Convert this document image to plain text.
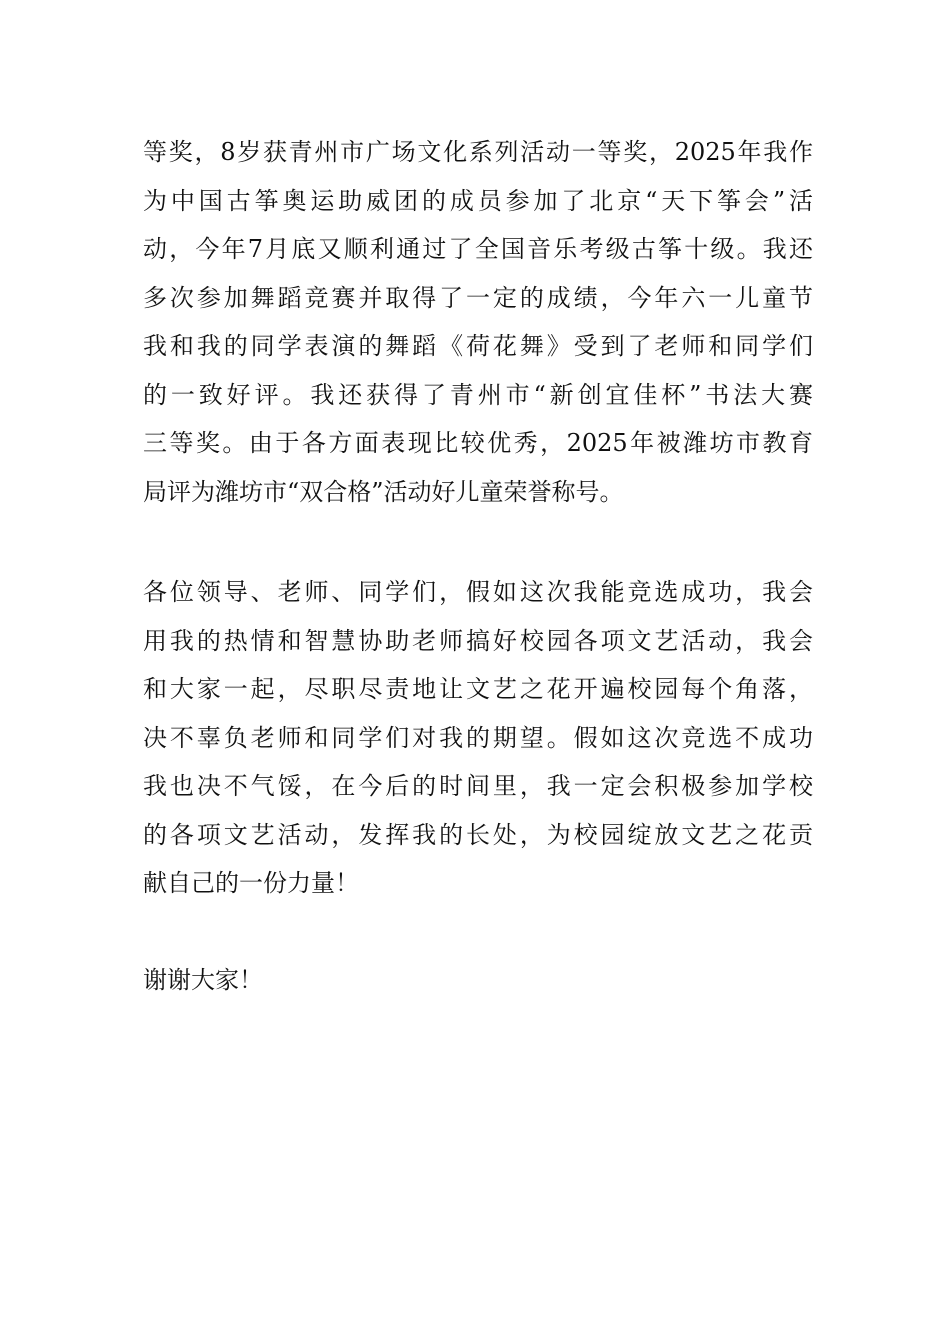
等奖，8岁获青州市广场文化系列活动一等奖，2025年我作
为中国古筝奥运助威团的成员参加了北京“天下筝会”活
动，今年7月底又顺利通过了全国音乐考级古筝十级。我还
多次参加舞蹈竞赛并取得了一定的成绩，今年六一儿童节
我和我的同学表演的舞蹈《荷花舞》受到了老师和同学们
的一致好评。我还获得了青州市“新创宜佳杯”书法大赛
三等奖。由于各方面表现比较优秀，2025年被潍坊市教育
局评为潍坊市“双合格”活动好儿童荣誉称号。
各位领导、老师、同学们，假如这次我能竞选成功，我会
用我的热情和智慧协助老师搞好校园各项文艺活动，我会
和大家一起，尽职尽责地让文艺之花开遍校园每个角落，
决不辜负老师和同学们对我的期望。假如这次竞选不成功
我也决不气馁，在今后的时间里，我一定会积极参加学校
的各项文艺活动，发挥我的长处，为校园绽放文艺之花贡
献自己的一份力量！
谢谢大家！
